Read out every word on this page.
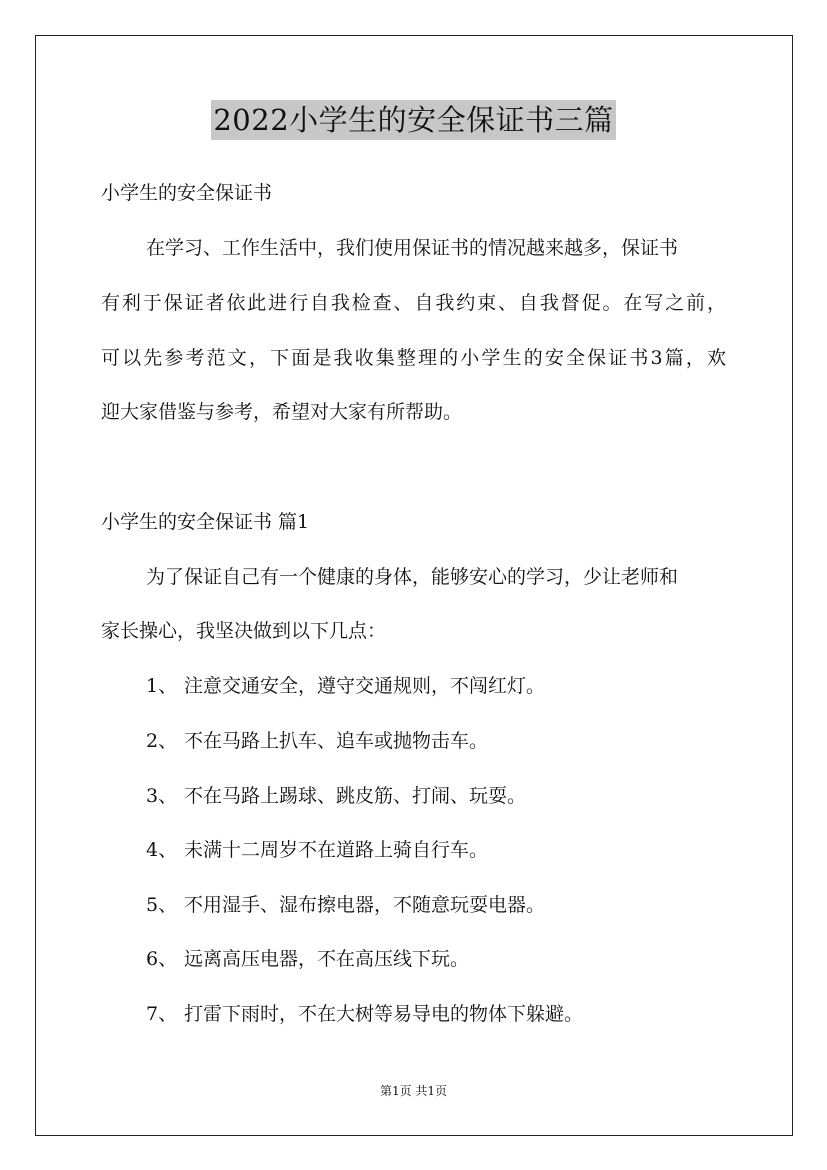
2022小学生的安全保证书三篇
小学生的安全保证书
在学习、工作生活中，我们使用保证书的情况越来越多，保证书
有利于保证者依此进行自我检查、自我约束、自我督促。在写之前，
可以先参考范文，下面是我收集整理的小学生的安全保证书3篇，欢
迎大家借鉴与参考，希望对大家有所帮助。
小学生的安全保证书 篇1
为了保证自己有一个健康的身体，能够安心的学习，少让老师和
家长操心，我坚决做到以下几点：
1、 注意交通安全，遵守交通规则，不闯红灯。
2、 不在马路上扒车、追车或抛物击车。
3、 不在马路上踢球、跳皮筋、打闹、玩耍。
4、 未满十二周岁不在道路上骑自行车。
5、 不用湿手、湿布擦电器，不随意玩耍电器。
6、 远离高压电器，不在高压线下玩。
7、 打雷下雨时，不在大树等易导电的物体下躲避。
第1页 共1页
